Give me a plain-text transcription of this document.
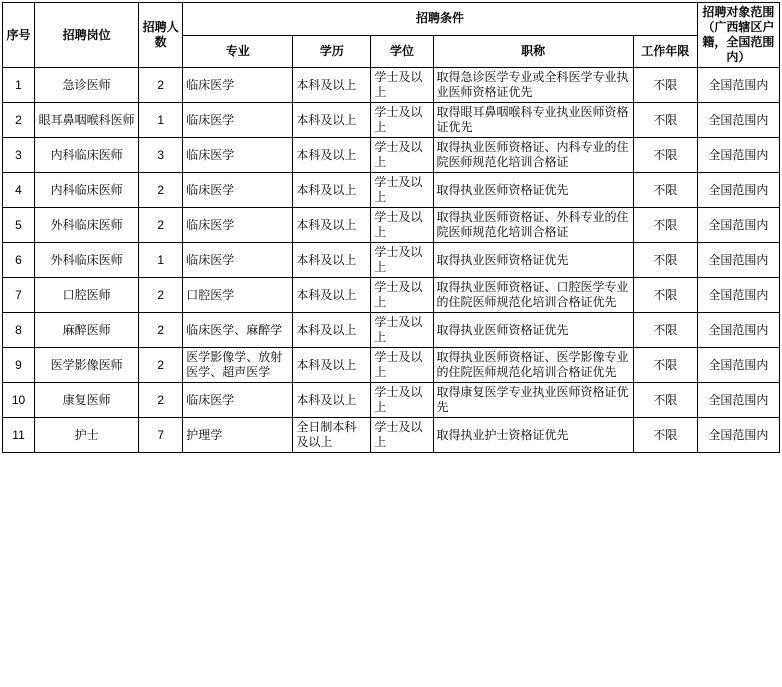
序号	招聘岗位	招聘人数	招聘条件					招聘对象范围（广西辖区户籍，全国范围内）
			专业	学历	学位	职称	工作年限	
1	急诊医师	2	临床医学	本科及以上	学士及以上	取得急诊医学专业或全科医学专业执业医师资格证优先	不限	全国范围内
2	眼耳鼻咽喉科医师	1	临床医学	本科及以上	学士及以上	取得眼耳鼻咽喉科专业执业医师资格证优先	不限	全国范围内
3	内科临床医师	3	临床医学	本科及以上	学士及以上	取得执业医师资格证、内科专业的住院医师规范化培训合格证	不限	全国范围内
4	内科临床医师	2	临床医学	本科及以上	学士及以上	取得执业医师资格证优先	不限	全国范围内
5	外科临床医师	2	临床医学	本科及以上	学士及以上	取得执业医师资格证、外科专业的住院医师规范化培训合格证	不限	全国范围内
6	外科临床医师	1	临床医学	本科及以上	学士及以上	取得执业医师资格证优先	不限	全国范围内
7	口腔医师	2	口腔医学	本科及以上	学士及以上	取得执业医师资格证、口腔医学专业的住院医师规范化培训合格证优先	不限	全国范围内
8	麻醉医师	2	临床医学、麻醉学	本科及以上	学士及以上	取得执业医师资格证优先	不限	全国范围内
9	医学影像医师	2	医学影像学、放射医学、超声医学	本科及以上	学士及以上	取得执业医师资格证、医学影像专业的住院医师规范化培训合格证优先	不限	全国范围内
10	康复医师	2	临床医学	本科及以上	学士及以上	取得康复医学专业执业医师资格证优先	不限	全国范围内
11	护士	7	护理学	全日制本科及以上	学士及以上	取得执业护士资格证优先	不限	全国范围内
